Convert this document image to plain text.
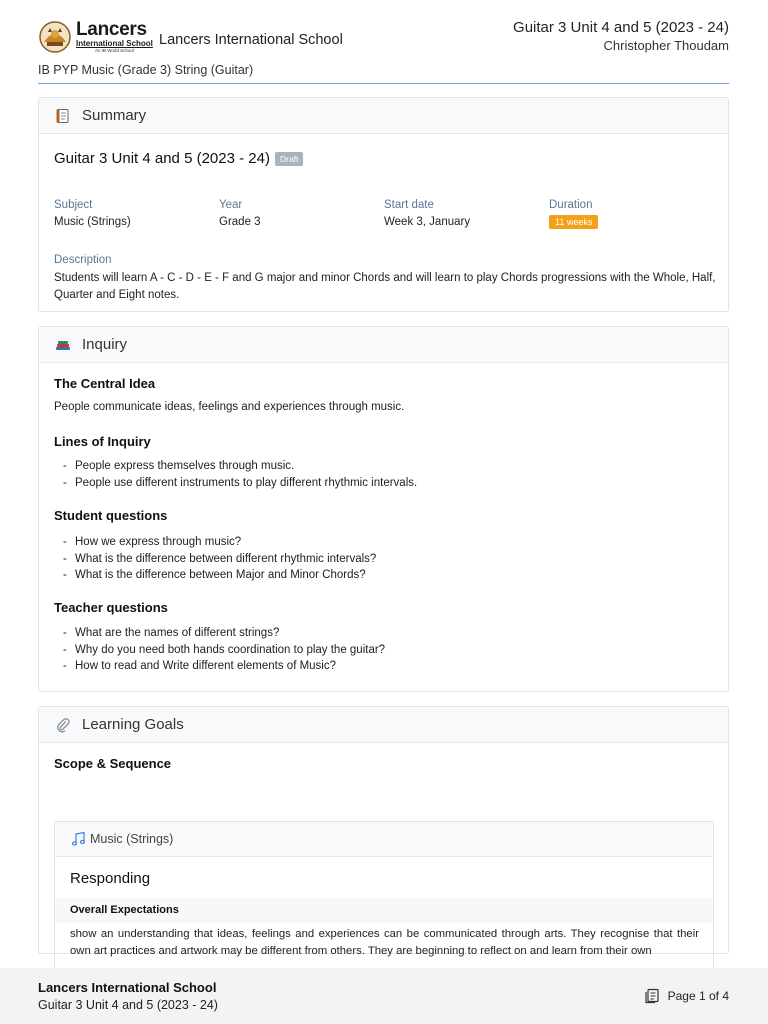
Lancers
International School
An IB World School
Lancers International School
Guitar 3 Unit 4 and 5 (2023 - 24)
Christopher Thoudam
IB PYP Music (Grade 3) String (Guitar)
Summary
Guitar 3 Unit 4 and 5 (2023 - 24)	Draft
Subject
Music (Strings)
Year
Grade 3
Start date
Week 3, January
Duration
11 weeks
Description
Students will learn A - C - D - E - F and G major and minor Chords and will learn to play Chords progressions with the Whole, Half, Quarter and Eight notes.
Inquiry
The Central Idea
People communicate ideas, feelings and experiences through music.
Lines of Inquiry
- People express themselves through music.
- People use different instruments to play different rhythmic intervals.
Student questions
- How we express through music?
- What is the difference between different rhythmic intervals?
- What is the difference between Major and Minor Chords?
Teacher questions
- What are the names of different strings?
- Why do you need both hands coordination to play the guitar?
- How to read and Write different elements of Music?
Learning Goals
Scope & Sequence
Music (Strings)
Responding
Overall Expectations
show an understanding that ideas, feelings and experiences can be communicated through arts. They recognise that their own art practices and artwork may be different from others. They are beginning to reflect on and learn from their own
Lancers International School
Guitar 3 Unit 4 and 5 (2023 - 24)
Page 1 of 4
